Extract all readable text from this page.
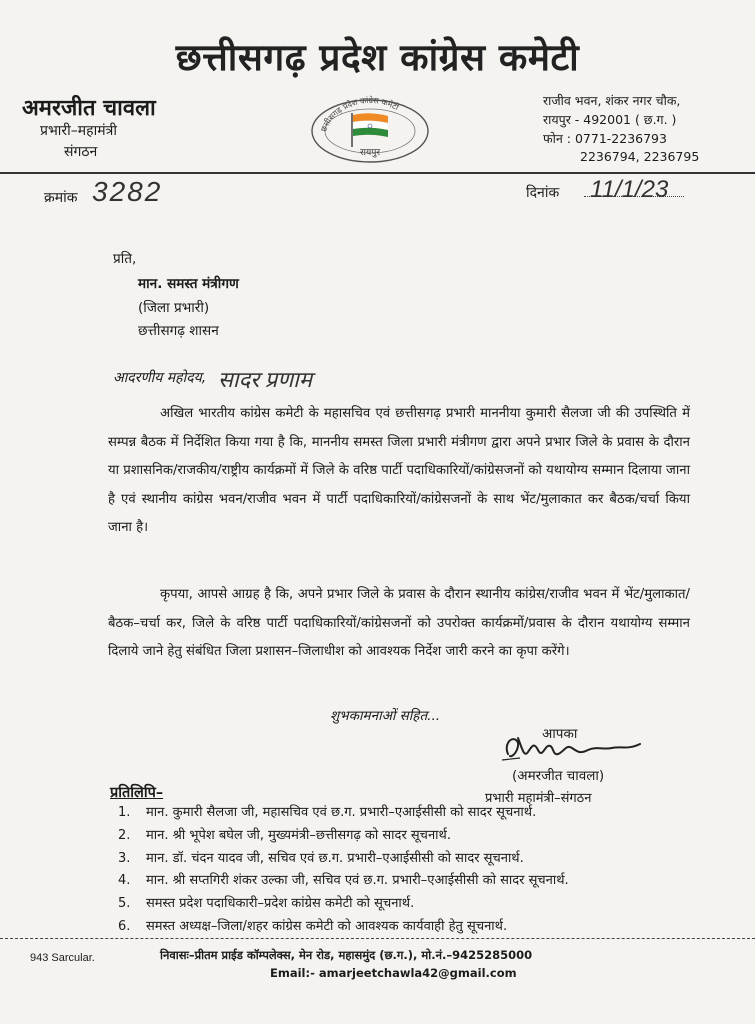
छत्तीसगढ़ प्रदेश कांग्रेस कमेटी
अमरजीत चावला
प्रभारी–महामंत्री
संगठन
छत्तीसगढ़ प्रदेश कांग्रेस कमेटी
रायपुर
राजीव भवन, शंकर नगर चौक,
रायपुर - 492001 ( छ.ग. )
फोन : 0771-2236793
2236794, 2236795
क्रमांक 3282	दिनांक 11/1/23
प्रति,
मान. समस्त मंत्रीगण
(जिला प्रभारी)
छत्तीसगढ़ शासन
आदरणीय महोदय, सादर प्रणाम
अखिल भारतीय कांग्रेस कमेटी के महासचिव एवं छत्तीसगढ़ प्रभारी माननीया कुमारी सैलजा जी की उपस्थिति में सम्पन्न बैठक में निर्देशित किया गया है कि, माननीय समस्त जिला प्रभारी मंत्रीगण द्वारा अपने प्रभार जिले के प्रवास के दौरान या प्रशासनिक/राजकीय/राष्ट्रीय कार्यक्रमों में जिले के वरिष्ठ पार्टी पदाधिकारियों/कांग्रेसजनों को यथायोग्य सम्मान दिलाया जाना है एवं स्थानीय कांग्रेस भवन/राजीव भवन में पार्टी पदाधिकारियों/कांग्रेसजनों के साथ भेंट/मुलाकात कर बैठक/चर्चा किया जाना है।
कृपया, आपसे आग्रह है कि, अपने प्रभार जिले के प्रवास के दौरान स्थानीय कांग्रेस/राजीव भवन में भेंट/मुलाकात/बैठक–चर्चा कर, जिले के वरिष्ठ पार्टी पदाधिकारियों/कांग्रेसजनों को उपरोक्त कार्यक्रमों/प्रवास के दौरान यथायोग्य सम्मान दिलाये जाने हेतु संबंधित जिला प्रशासन–जिलाधीश को आवश्यक निर्देश जारी करने का कृपा करेंगे।
शुभकामनाओं सहित...
आपका
(अमरजीत चावला)
प्रभारी महामंत्री–संगठन
प्रतिलिपि–
1. मान. कुमारी सैलजा जी, महासचिव एवं छ.ग. प्रभारी–एआईसीसी को सादर सूचनार्थ.
2. मान. श्री भूपेश बघेल जी, मुख्यमंत्री–छत्तीसगढ़ को सादर सूचनार्थ.
3. मान. डॉ. चंदन यादव जी, सचिव एवं छ.ग. प्रभारी–एआईसीसी को सादर सूचनार्थ.
4. मान. श्री सप्तगिरी शंकर उल्का जी, सचिव एवं छ.ग. प्रभारी–एआईसीसी को सादर सूचनार्थ.
5. समस्त प्रदेश पदाधिकारी–प्रदेश कांग्रेस कमेटी को सूचनार्थ.
6. समस्त अध्यक्ष–जिला/शहर कांग्रेस कमेटी को आवश्यक कार्यवाही हेतु सूचनार्थ.
943 Sarcular.	निवासः–प्रीतम प्राईड कॉम्पलेक्स, मेन रोड, महासमुंद (छ.ग.), मो.नं.–9425285000
Email:- amarjeetchawla42@gmail.com
